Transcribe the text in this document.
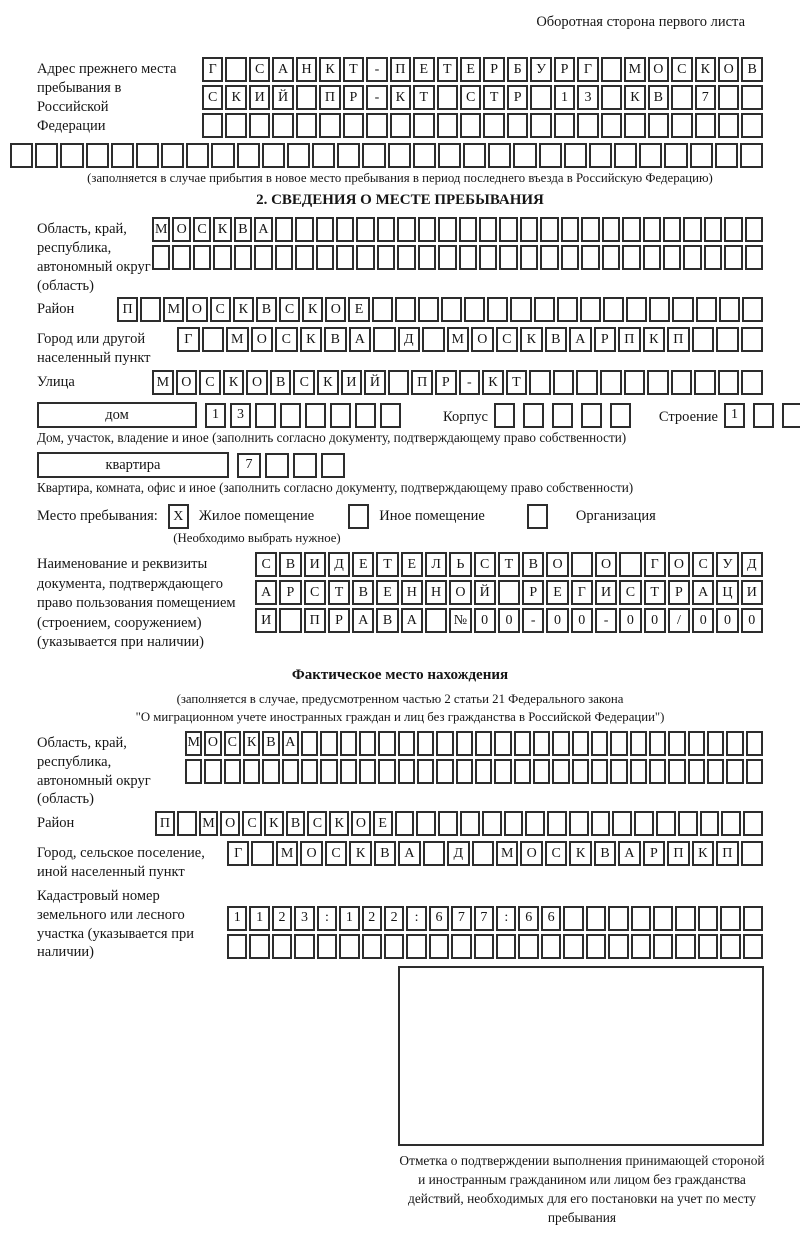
Оборотная сторона первого листа
Адрес прежнего места пребывания в Российской Федерации
Г	С А Н К	Т	-	П	Е	Т	Е	Р	Б	У	Р	Г	М О С	К О В
С	К И Й	П	Р	-	К	Т	С	Т	Р	1	3	К	В	7
(заполняется в случае прибытия в новое место пребывания в период последнего въезда в Российскую Федерацию)
2. СВЕДЕНИЯ О МЕСТЕ ПРЕБЫВАНИЯ
Область, край, республика, автономный округ (область)
М О С К В А
Район	П	М О С К В С К О Е
Город или другой населенный пункт
Г	М О	С	К	В	А	Д	М О	С	К	В	А	Р	П	К	П
Улица	М О С	К О В	С	К И Й	П	Р	-	К	Т
дом	1	3	Корпус	Строение 1
Дом, участок, владение и иное (заполнить согласно документу, подтверждающему право собственности)
квартира	7
Квартира, комната, офис и иное (заполнить согласно документу, подтверждающему право собственности)
Место пребывания:	X	Жилое помещение	Иное помещение	Организация
(Необходимо выбрать нужное)
Наименование и реквизиты документа, подтверждающего право пользования помещением (строением, сооружением) (указывается при наличии)
С	В	И	Д	Е	Т	Е	Л	Ь	С	Т	В	О	О	Г	О	С	У	Д
А	Р	С	Т	В	Е	Н	Н	О	Й	Р	Е	Г	И	С	Т	Р	А	Ц	И
И	П	Р	А	В	А	№	0	0	-	0	0	-	0	0	/	0	0	0
Фактическое место нахождения
(заполняется в случае, предусмотренном частью 2 статьи 21 Федерального закона
"О миграционном учете иностранных граждан и лиц без гражданства в Российской Федерации")
Область, край, республика, автономный округ (область)
М О С К В А
Район	П	М О С К В С К О Е
Город, сельское поселение, иной населенный пункт
Г	М О	С	К	В	А	Д	М О	С	К	В	А	Р	П	К	П
Кадастровый номер земельного или лесного участка (указывается при наличии)
1	1	2	3	:	1	2	2	:	6	7	7	:	6	6
Отметка о подтверждении выполнения принимающей стороной и иностранным гражданином или лицом без гражданства действий, необходимых для его постановки на учет по месту пребывания
